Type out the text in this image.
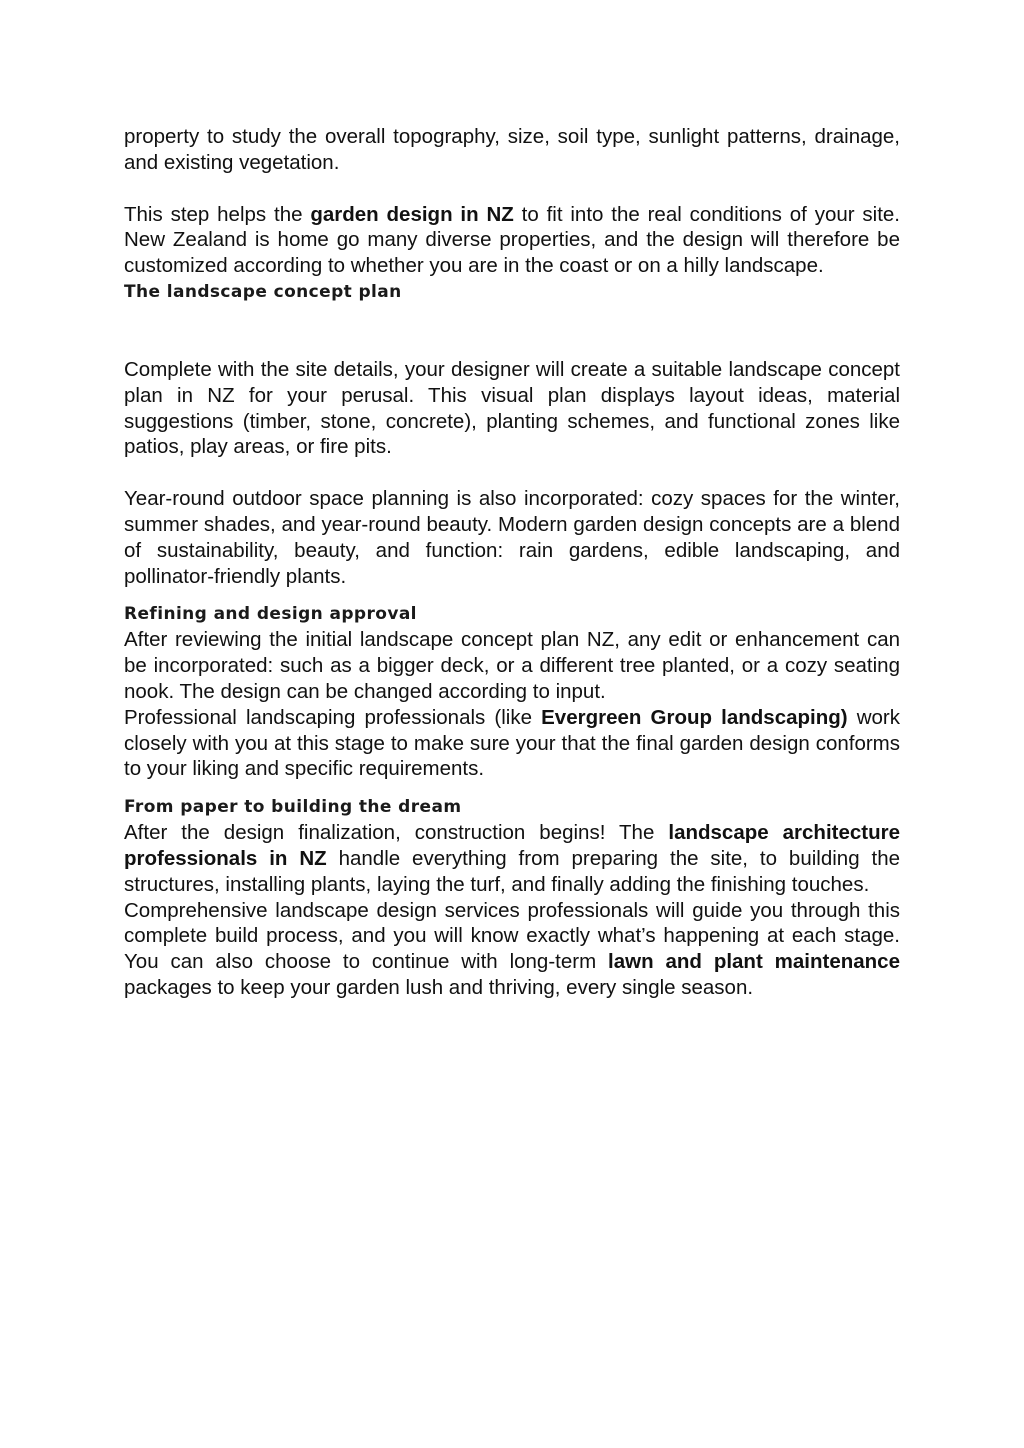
property to study the overall topography, size, soil type, sunlight patterns, drainage, and existing vegetation.

This step helps the garden design in NZ to fit into the real conditions of your site. New Zealand is home go many diverse properties, and the design will therefore be customized according to whether you are in the coast or on a hilly landscape.

The landscape concept plan

Complete with the site details, your designer will create a suitable landscape concept plan in NZ for your perusal. This visual plan displays layout ideas, material suggestions (timber, stone, concrete), planting schemes, and functional zones like patios, play areas, or fire pits.

Year-round outdoor space planning is also incorporated: cozy spaces for the winter, summer shades, and year-round beauty. Modern garden design concepts are a blend of sustainability, beauty, and function: rain gardens, edible landscaping, and pollinator-friendly plants.

Refining and design approval

After reviewing the initial landscape concept plan NZ, any edit or enhancement can be incorporated: such as a bigger deck, or a different tree planted, or a cozy seating nook. The design can be changed according to input.

Professional landscaping professionals (like Evergreen Group landscaping) work closely with you at this stage to make sure your that the final garden design conforms to your liking and specific requirements.

From paper to building the dream

After the design finalization, construction begins! The landscape architecture professionals in NZ handle everything from preparing the site, to building the structures, installing plants, laying the turf, and finally adding the finishing touches.

Comprehensive landscape design services professionals will guide you through this complete build process, and you will know exactly what’s happening at each stage. You can also choose to continue with long-term lawn and plant maintenance packages to keep your garden lush and thriving, every single season.
